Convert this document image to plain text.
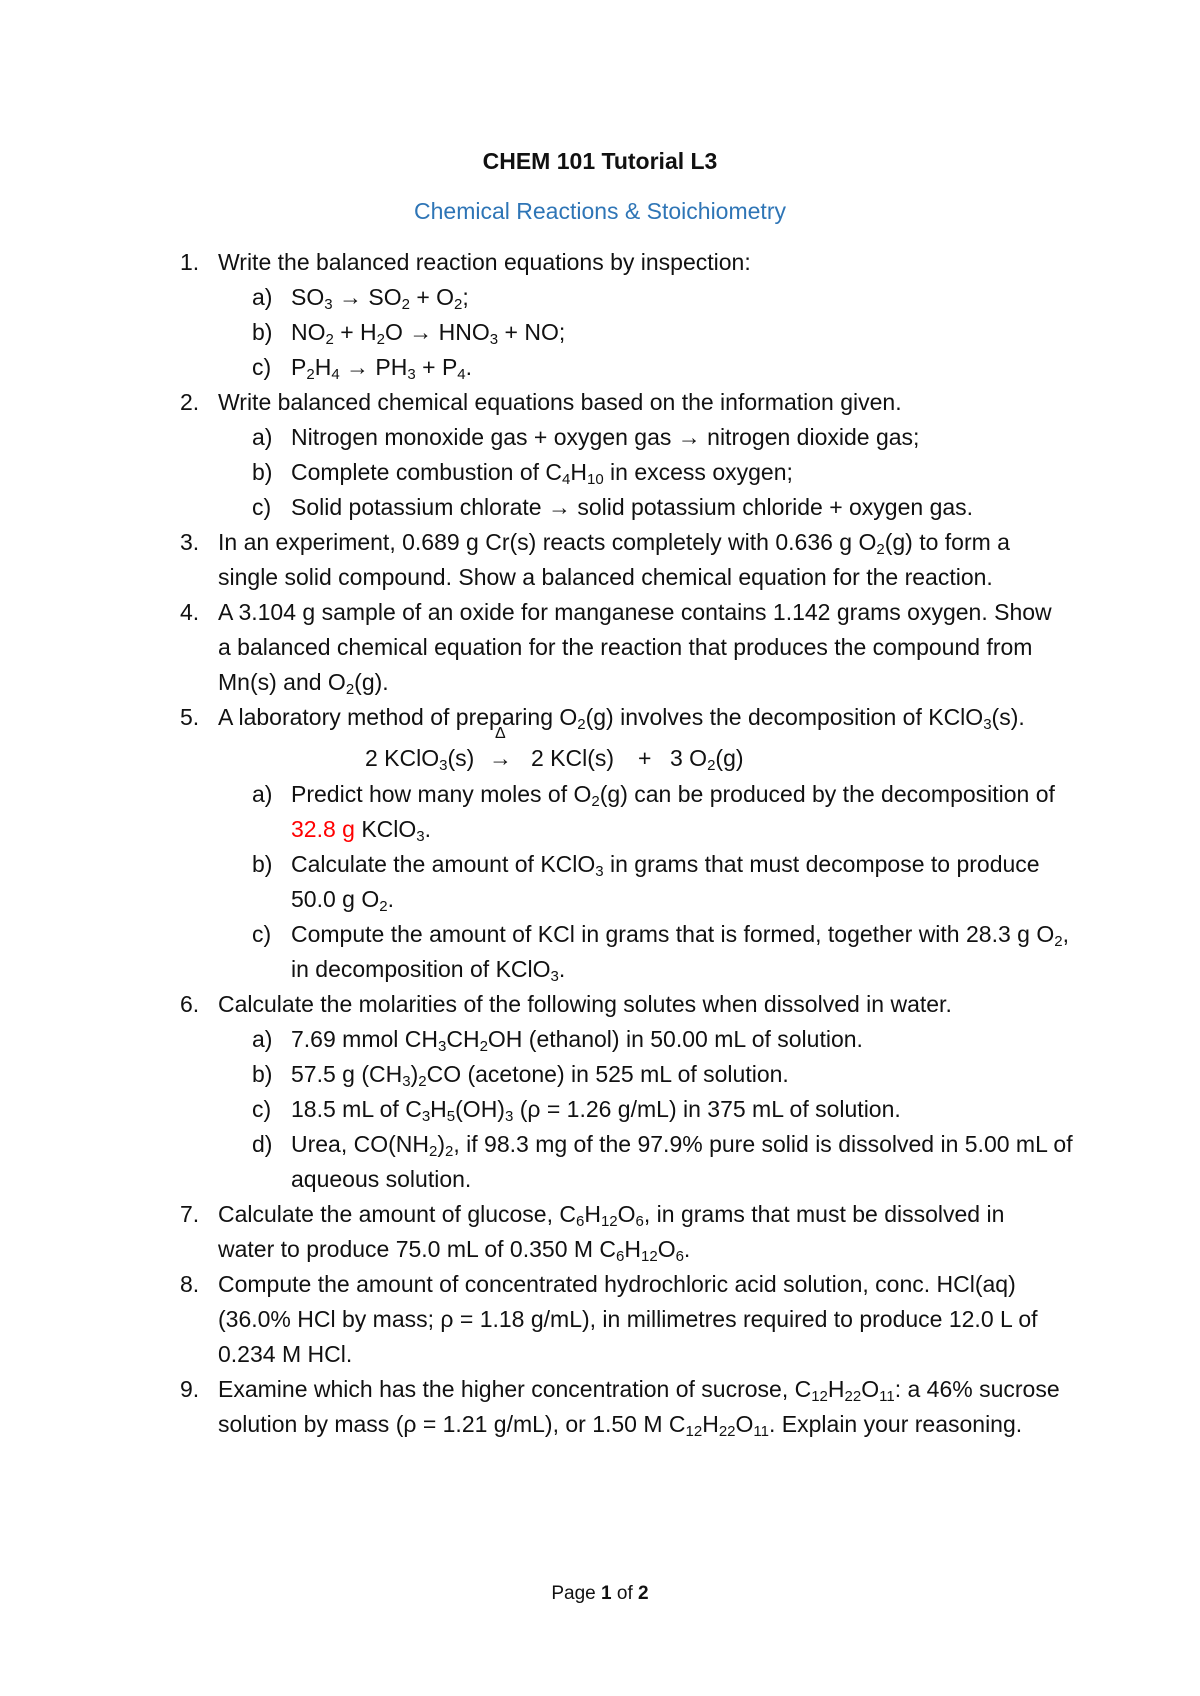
CHEM 101 Tutorial L3
Chemical Reactions & Stoichiometry
1. Write the balanced reaction equations by inspection:
a) $SO_3 \to SO_2 + O_2$;
b) $NO_2 + H_2O \to HNO_3$ + NO;
c) $P_2H_4 \to PH_3 + P_4$.
2. Write balanced chemical equations based on the information given.
a) Nitrogen monoxide gas + oxygen gas → nitrogen dioxide gas;
b) Complete combustion of $C_4H_{10}$ in excess oxygen;
c) Solid potassium chlorate → solid potassium chloride + oxygen gas.
3. In an experiment, 0.689 g Cr(s) reacts completely with 0.636 g $O_2(g)$ to form a single solid compound. Show a balanced chemical equation for the reaction.
4. A 3.104 g sample of an oxide for manganese contains 1.142 grams oxygen. Show a balanced chemical equation for the reaction that produces the compound from Mn(s) and $O_2(g)$.
5. A laboratory method of preparing $O_2(g)$ involves the decomposition of KClO$_3$(s).
2 KClO$_3$(s)
Δ
→ 2 KCl(s) + 3 $O_2(g)$
a) Predict how many moles of $O_2(g)$ can be produced by the decomposition of 32.8 g KClO$_3$.
b) Calculate the amount of KClO$_3$ in grams that must decompose to produce 50.0 g $O_2$.
c) Compute the amount of KCl in grams that is formed, together with 28.3 g $O_2$, in decomposition of KClO$_3$.
6. Calculate the molarities of the following solutes when dissolved in water.
a) 7.69 mmol $CH_3CH_2OH$ (ethanol) in 50.00 mL of solution.
b) 57.5 g $(CH_3)_2CO$ (acetone) in 525 mL of solution.
c) 18.5 mL of $C_3H_5(OH)_3$ (ρ = 1.26 g/mL) in 375 mL of solution.
d) Urea, $CO(NH_2)_2$, if 98.3 mg of the 97.9% pure solid is dissolved in 5.00 mL of aqueous solution.
7. Calculate the amount of glucose, $C_6H_{12}O_6$, in grams that must be dissolved in water to produce 75.0 mL of 0.350 M $C_6H_{12}O_6$.
8. Compute the amount of concentrated hydrochloric acid solution, conc. HCl(aq) (36.0% HCl by mass; ρ = 1.18 g/mL), in millimetres required to produce 12.0 L of 0.234 M HCl.
9. Examine which has the higher concentration of sucrose, $C_{12}H_{22}O_{11}$: a 46% sucrose solution by mass (ρ = 1.21 g/mL), or 1.50 M $C_{12}H_{22}O_{11}$. Explain your reasoning.
Page 1 of 2
